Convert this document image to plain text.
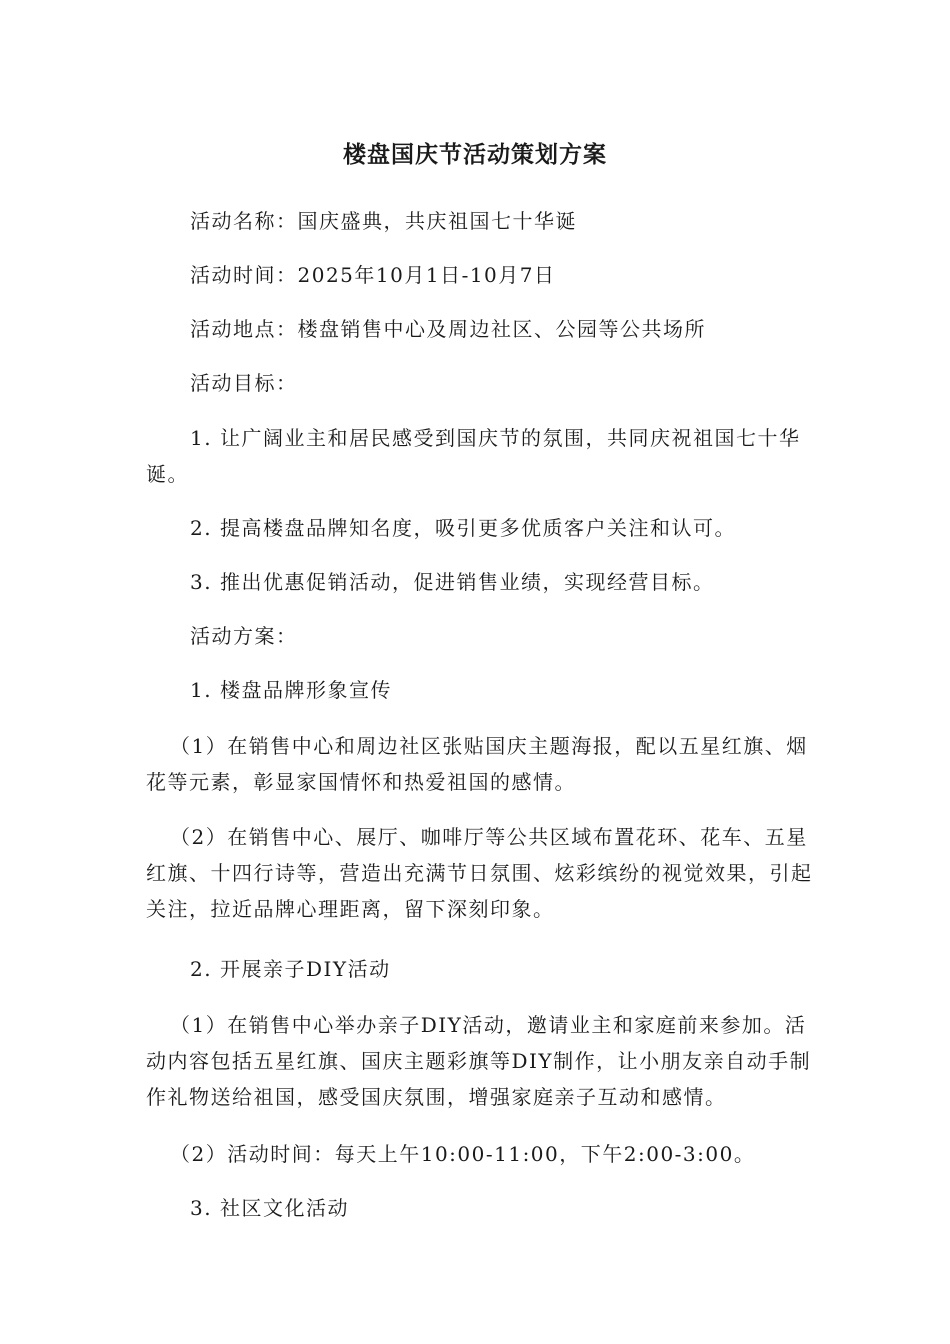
楼盘国庆节活动策划方案

活动名称：国庆盛典，共庆祖国七十华诞

活动时间：2025年10月1日-10月7日

活动地点：楼盘销售中心及周边社区、公园等公共场所

活动目标：

1. 让广阔业主和居民感受到国庆节的氛围，共同庆祝祖国七十华诞。

2. 提高楼盘品牌知名度，吸引更多优质客户关注和认可。

3. 推出优惠促销活动，促进销售业绩，实现经营目标。

活动方案：

1. 楼盘品牌形象宣传

（1）在销售中心和周边社区张贴国庆主题海报，配以五星红旗、烟花等元素，彰显家国情怀和热爱祖国的感情。

（2）在销售中心、展厅、咖啡厅等公共区域布置花环、花车、五星红旗、十四行诗等，营造出充满节日氛围、炫彩缤纷的视觉效果，引起关注，拉近品牌心理距离，留下深刻印象。

2. 开展亲子DIY活动

（1）在销售中心举办亲子DIY活动，邀请业主和家庭前来参加。活动内容包括五星红旗、国庆主题彩旗等DIY制作，让小朋友亲自动手制作礼物送给祖国，感受国庆氛围，增强家庭亲子互动和感情。

（2）活动时间：每天上午10:00-11:00，下午2:00-3:00。

3. 社区文化活动
